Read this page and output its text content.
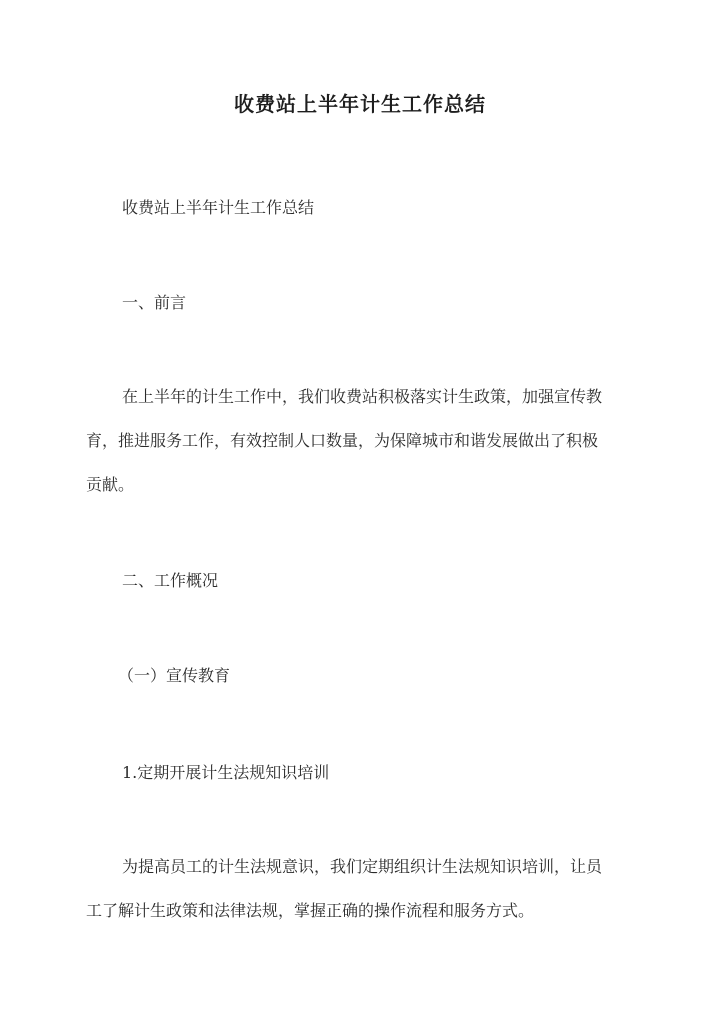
收费站上半年计生工作总结
收费站上半年计生工作总结
一、前言
在上半年的计生工作中，我们收费站积极落实计生政策，加强宣传教
育，推进服务工作，有效控制人口数量，为保障城市和谐发展做出了积极
贡献。
二、工作概况
（一）宣传教育
1.定期开展计生法规知识培训
为提高员工的计生法规意识，我们定期组织计生法规知识培训，让员
工了解计生政策和法律法规，掌握正确的操作流程和服务方式。
